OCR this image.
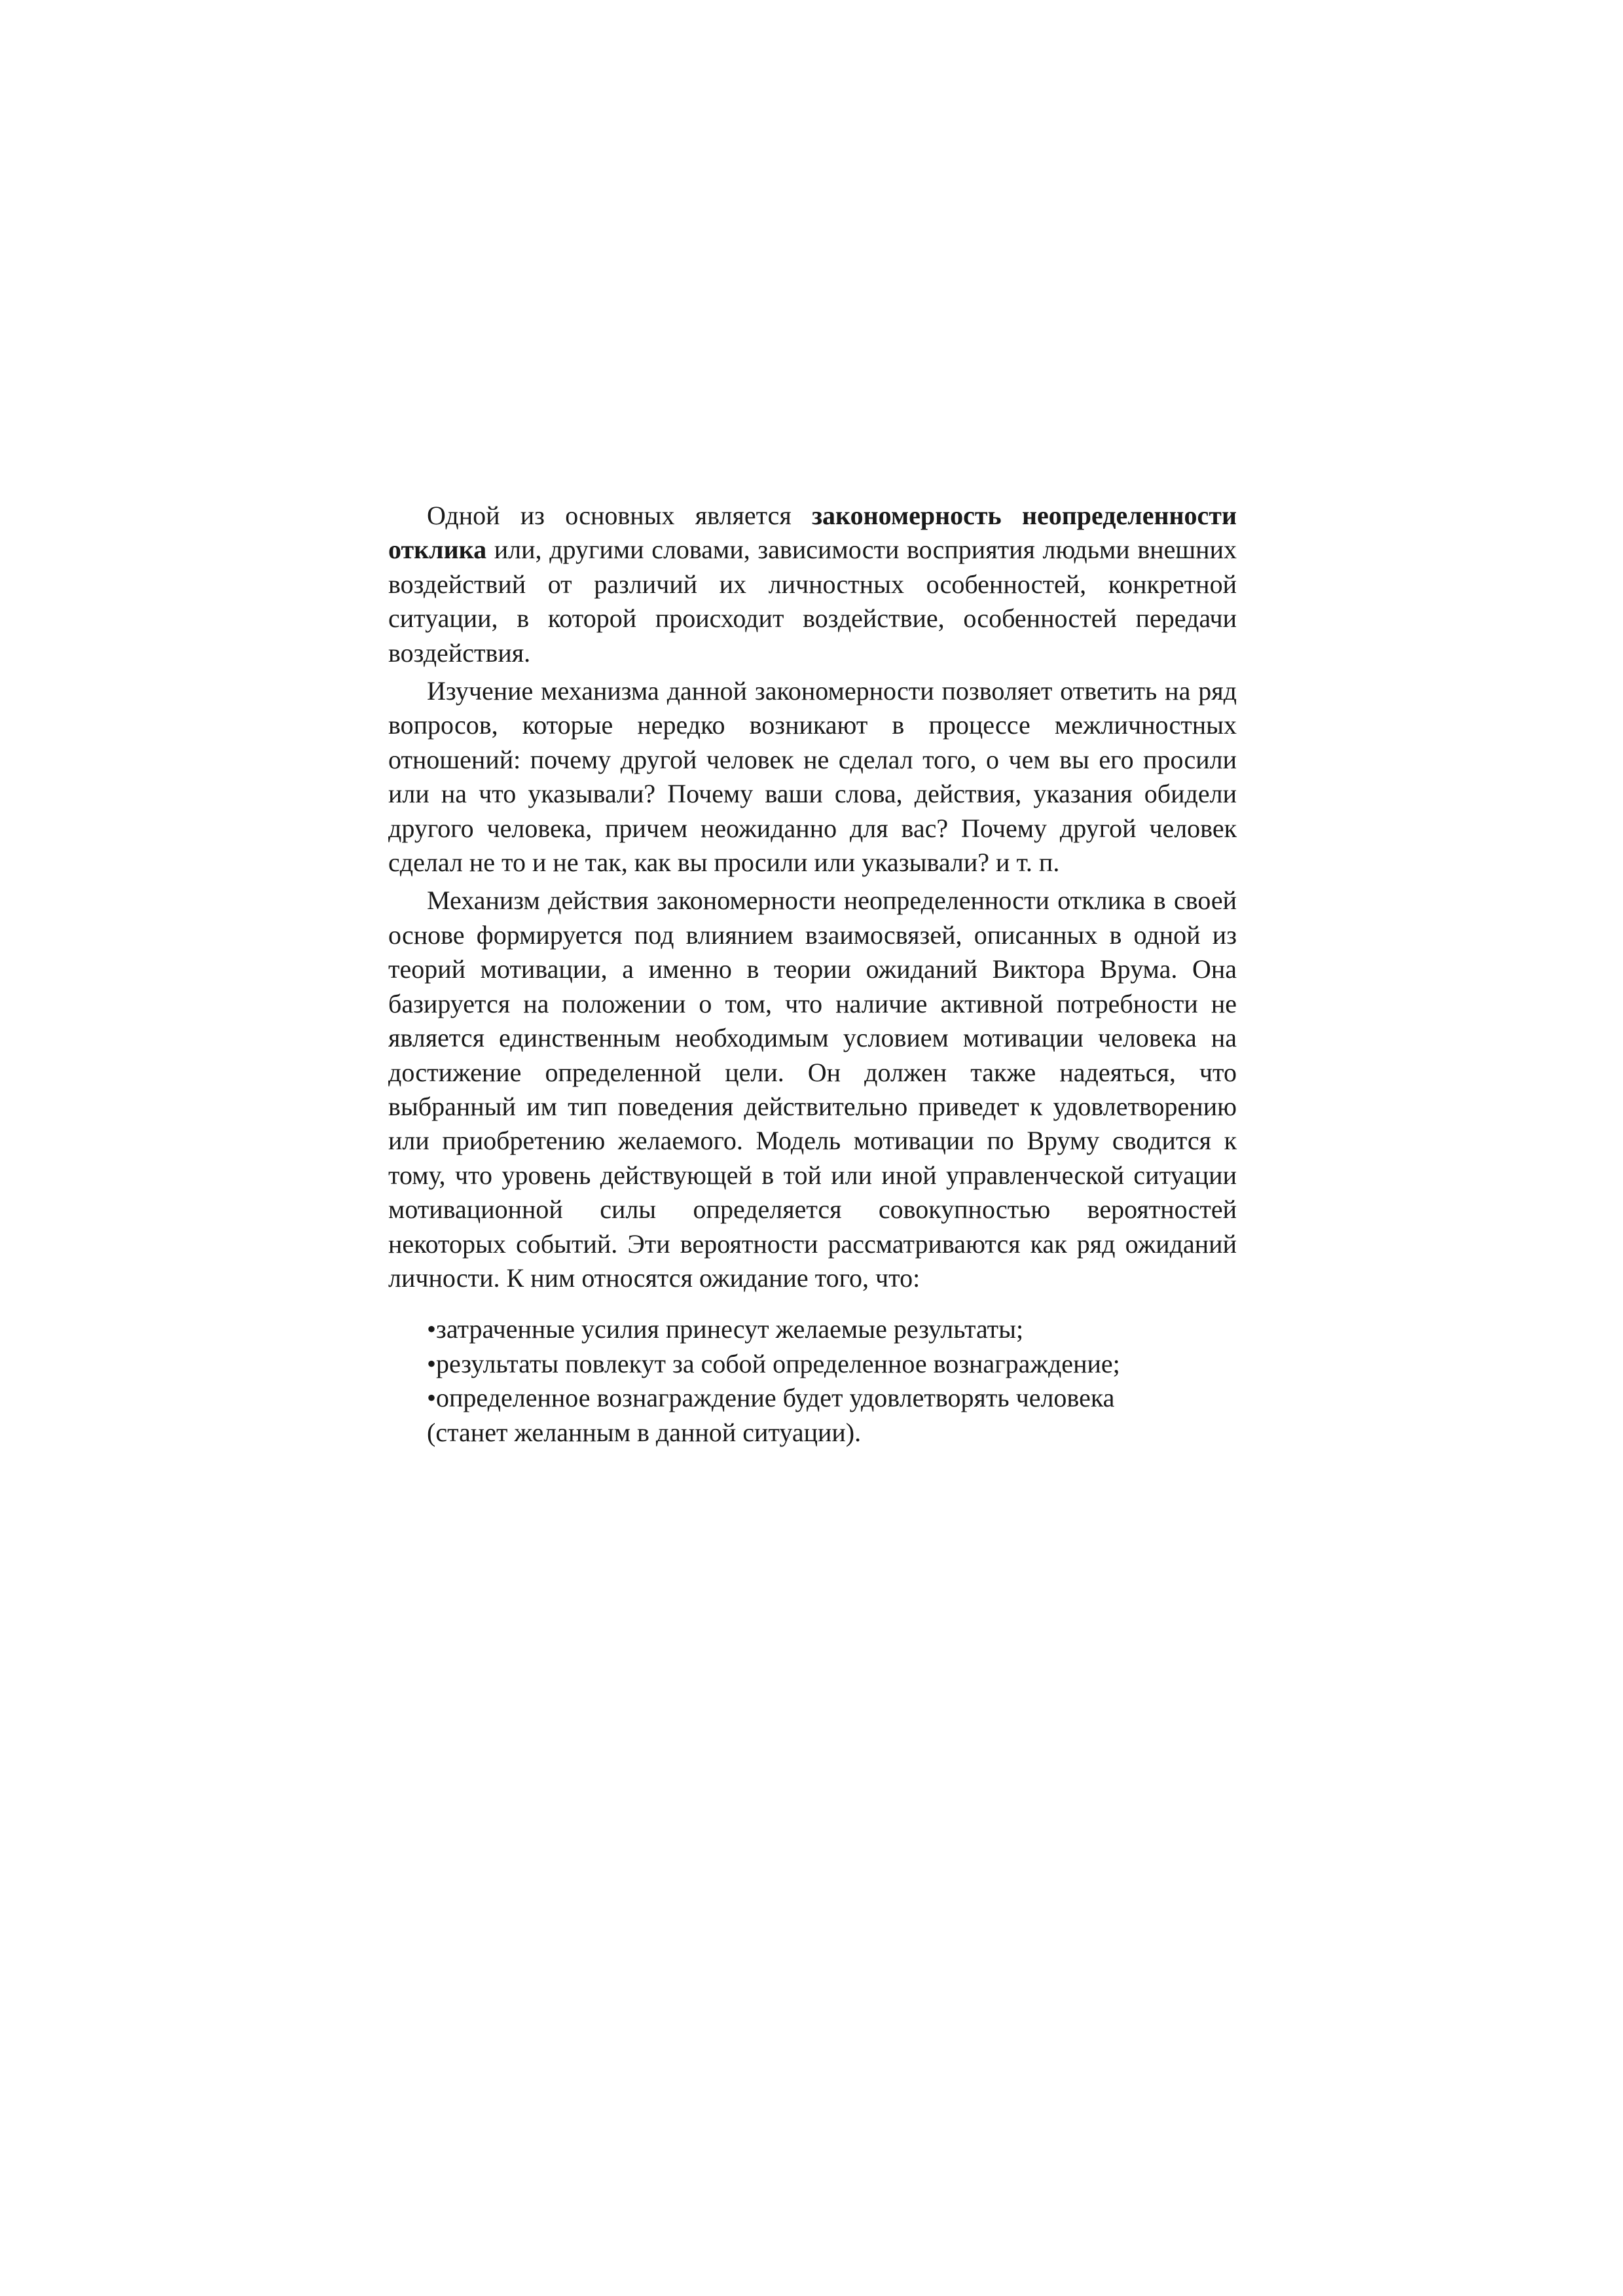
Одной из основных является закономерность неопределенности отклика или, другими словами, зависимости восприятия людьми внешних воздействий от различий их личностных особенностей, конкретной ситуации, в которой происходит воздействие, особенностей передачи воздействия.

Изучение механизма данной закономерности позволяет ответить на ряд вопросов, которые нередко возникают в процессе межличностных отношений: почему другой человек не сделал того, о чем вы его просили или на что указывали? Почему ваши слова, действия, указания обидели другого человека, причем неожиданно для вас? Почему другой человек сделал не то и не так, как вы просили или указывали? и т. п.

Механизм действия закономерности неопределенности отклика в своей основе формируется под влиянием взаимосвязей, описанных в одной из теорий мотивации, а именно в теории ожиданий Виктора Врума. Она базируется на положении о том, что наличие активной потребности не является единственным необходимым условием мотивации человека на достижение определенной цели. Он должен также надеяться, что выбранный им тип поведения действительно приведет к удовлетворению или приобретению желаемого. Модель мотивации по Вруму сводится к тому, что уровень действующей в той или иной управленческой ситуации мотивационной силы определяется совокупностью вероятностей некоторых событий. Эти вероятности рассматриваются как ряд ожиданий личности. К ним относятся ожидание того, что:

•затраченные усилия принесут желаемые результаты;
•результаты повлекут за собой определенное вознаграждение;
•определенное вознаграждение будет удовлетворять человека
(станет желанным в данной ситуации).
